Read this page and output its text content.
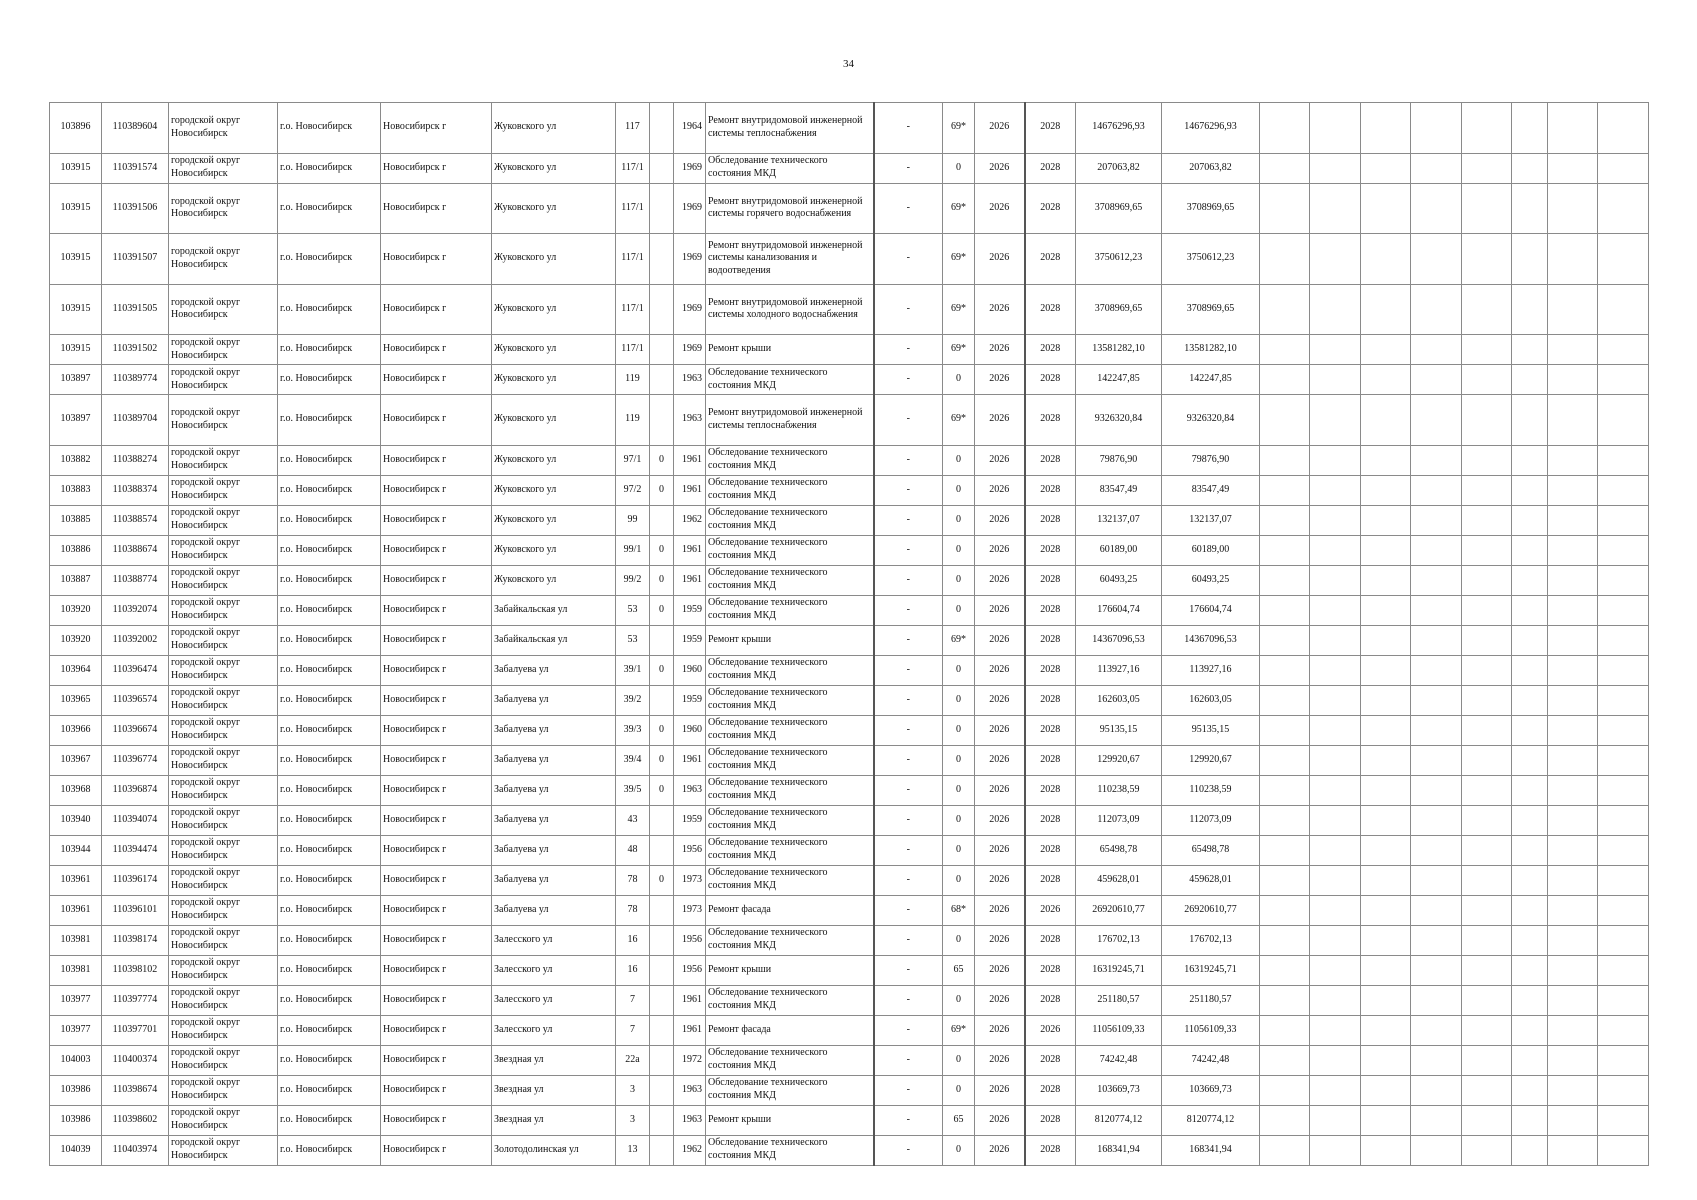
34
103896	110389604	городской округ Новосибирск	г.о. Новосибирск	Новосибирск г	Жуковского ул	117		1964	Ремонт внутридомовой инженерной системы теплоснабжения	-	69*	2026	2028	14676296,93	14676296,93								
103915	110391574	городской округ Новосибирск	г.о. Новосибирск	Новосибирск г	Жуковского ул	117/1		1969	Обследование технического состояния МКД	-	0	2026	2028	207063,82	207063,82								
103915	110391506	городской округ Новосибирск	г.о. Новосибирск	Новосибирск г	Жуковского ул	117/1		1969	Ремонт внутридомовой инженерной системы горячего водоснабжения	-	69*	2026	2028	3708969,65	3708969,65								
103915	110391507	городской округ Новосибирск	г.о. Новосибирск	Новосибирск г	Жуковского ул	117/1		1969	Ремонт внутридомовой инженерной системы канализования и водоотведения	-	69*	2026	2028	3750612,23	3750612,23								
103915	110391505	городской округ Новосибирск	г.о. Новосибирск	Новосибирск г	Жуковского ул	117/1		1969	Ремонт внутридомовой инженерной системы холодного водоснабжения	-	69*	2026	2028	3708969,65	3708969,65								
103915	110391502	городской округ Новосибирск	г.о. Новосибирск	Новосибирск г	Жуковского ул	117/1		1969	Ремонт крыши	-	69*	2026	2028	13581282,10	13581282,10								
103897	110389774	городской округ Новосибирск	г.о. Новосибирск	Новосибирск г	Жуковского ул	119		1963	Обследование технического состояния МКД	-	0	2026	2028	142247,85	142247,85								
103897	110389704	городской округ Новосибирск	г.о. Новосибирск	Новосибирск г	Жуковского ул	119		1963	Ремонт внутридомовой инженерной системы теплоснабжения	-	69*	2026	2028	9326320,84	9326320,84								
103882	110388274	городской округ Новосибирск	г.о. Новосибирск	Новосибирск г	Жуковского ул	97/1	0	1961	Обследование технического состояния МКД	-	0	2026	2028	79876,90	79876,90								
103883	110388374	городской округ Новосибирск	г.о. Новосибирск	Новосибирск г	Жуковского ул	97/2	0	1961	Обследование технического состояния МКД	-	0	2026	2028	83547,49	83547,49								
103885	110388574	городской округ Новосибирск	г.о. Новосибирск	Новосибирск г	Жуковского ул	99		1962	Обследование технического состояния МКД	-	0	2026	2028	132137,07	132137,07								
103886	110388674	городской округ Новосибирск	г.о. Новосибирск	Новосибирск г	Жуковского ул	99/1	0	1961	Обследование технического состояния МКД	-	0	2026	2028	60189,00	60189,00								
103887	110388774	городской округ Новосибирск	г.о. Новосибирск	Новосибирск г	Жуковского ул	99/2	0	1961	Обследование технического состояния МКД	-	0	2026	2028	60493,25	60493,25								
103920	110392074	городской округ Новосибирск	г.о. Новосибирск	Новосибирск г	Забайкальская ул	53	0	1959	Обследование технического состояния МКД	-	0	2026	2028	176604,74	176604,74								
103920	110392002	городской округ Новосибирск	г.о. Новосибирск	Новосибирск г	Забайкальская ул	53		1959	Ремонт крыши	-	69*	2026	2028	14367096,53	14367096,53								
103964	110396474	городской округ Новосибирск	г.о. Новосибирск	Новосибирск г	Забалуева ул	39/1	0	1960	Обследование технического состояния МКД	-	0	2026	2028	113927,16	113927,16								
103965	110396574	городской округ Новосибирск	г.о. Новосибирск	Новосибирск г	Забалуева ул	39/2		1959	Обследование технического состояния МКД	-	0	2026	2028	162603,05	162603,05								
103966	110396674	городской округ Новосибирск	г.о. Новосибирск	Новосибирск г	Забалуева ул	39/3	0	1960	Обследование технического состояния МКД	-	0	2026	2028	95135,15	95135,15								
103967	110396774	городской округ Новосибирск	г.о. Новосибирск	Новосибирск г	Забалуева ул	39/4	0	1961	Обследование технического состояния МКД	-	0	2026	2028	129920,67	129920,67								
103968	110396874	городской округ Новосибирск	г.о. Новосибирск	Новосибирск г	Забалуева ул	39/5	0	1963	Обследование технического состояния МКД	-	0	2026	2028	110238,59	110238,59								
103940	110394074	городской округ Новосибирск	г.о. Новосибирск	Новосибирск г	Забалуева ул	43		1959	Обследование технического состояния МКД	-	0	2026	2028	112073,09	112073,09								
103944	110394474	городской округ Новосибирск	г.о. Новосибирск	Новосибирск г	Забалуева ул	48		1956	Обследование технического состояния МКД	-	0	2026	2028	65498,78	65498,78								
103961	110396174	городской округ Новосибирск	г.о. Новосибирск	Новосибирск г	Забалуева ул	78	0	1973	Обследование технического состояния МКД	-	0	2026	2028	459628,01	459628,01								
103961	110396101	городской округ Новосибирск	г.о. Новосибирск	Новосибирск г	Забалуева ул	78		1973	Ремонт фасада	-	68*	2026	2026	26920610,77	26920610,77								
103981	110398174	городской округ Новосибирск	г.о. Новосибирск	Новосибирск г	Залесского ул	16		1956	Обследование технического состояния МКД	-	0	2026	2028	176702,13	176702,13								
103981	110398102	городской округ Новосибирск	г.о. Новосибирск	Новосибирск г	Залесского ул	16		1956	Ремонт крыши	-	65	2026	2028	16319245,71	16319245,71								
103977	110397774	городской округ Новосибирск	г.о. Новосибирск	Новосибирск г	Залесского ул	7		1961	Обследование технического состояния МКД	-	0	2026	2028	251180,57	251180,57								
103977	110397701	городской округ Новосибирск	г.о. Новосибирск	Новосибирск г	Залесского ул	7		1961	Ремонт фасада	-	69*	2026	2026	11056109,33	11056109,33								
104003	110400374	городской округ Новосибирск	г.о. Новосибирск	Новосибирск г	Звездная ул	22а		1972	Обследование технического состояния МКД	-	0	2026	2028	74242,48	74242,48								
103986	110398674	городской округ Новосибирск	г.о. Новосибирск	Новосибирск г	Звездная ул	3		1963	Обследование технического состояния МКД	-	0	2026	2028	103669,73	103669,73								
103986	110398602	городской округ Новосибирск	г.о. Новосибирск	Новосибирск г	Звездная ул	3		1963	Ремонт крыши	-	65	2026	2028	8120774,12	8120774,12								
104039	110403974	городской округ Новосибирск	г.о. Новосибирск	Новосибирск г	Золотодолинская ул	13		1962	Обследование технического состояния МКД	-	0	2026	2028	168341,94	168341,94								
